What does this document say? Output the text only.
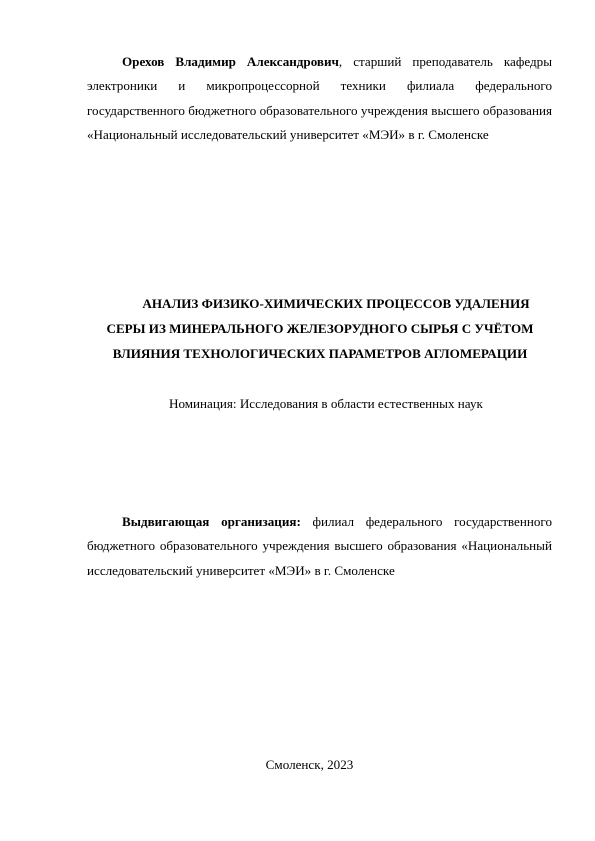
Орехов Владимир Александрович, старший преподаватель кафедры электроники и микропроцессорной техники филиала федерального государственного бюджетного образовательного учреждения высшего образования «Национальный исследовательский университет «МЭИ» в г. Смоленске
АНАЛИЗ ФИЗИКО-ХИМИЧЕСКИХ ПРОЦЕССОВ УДАЛЕНИЯ
СЕРЫ ИЗ МИНЕРАЛЬНОГО ЖЕЛЕЗОРУДНОГО СЫРЬЯ С УЧЁТОМ
ВЛИЯНИЯ ТЕХНОЛОГИЧЕСКИХ ПАРАМЕТРОВ АГЛОМЕРАЦИИ
Номинация: Исследования в области естественных наук
Выдвигающая организация: филиал федерального государственного бюджетного образовательного учреждения высшего образования «Национальный исследовательский университет «МЭИ» в г. Смоленске
Смоленск, 2023
